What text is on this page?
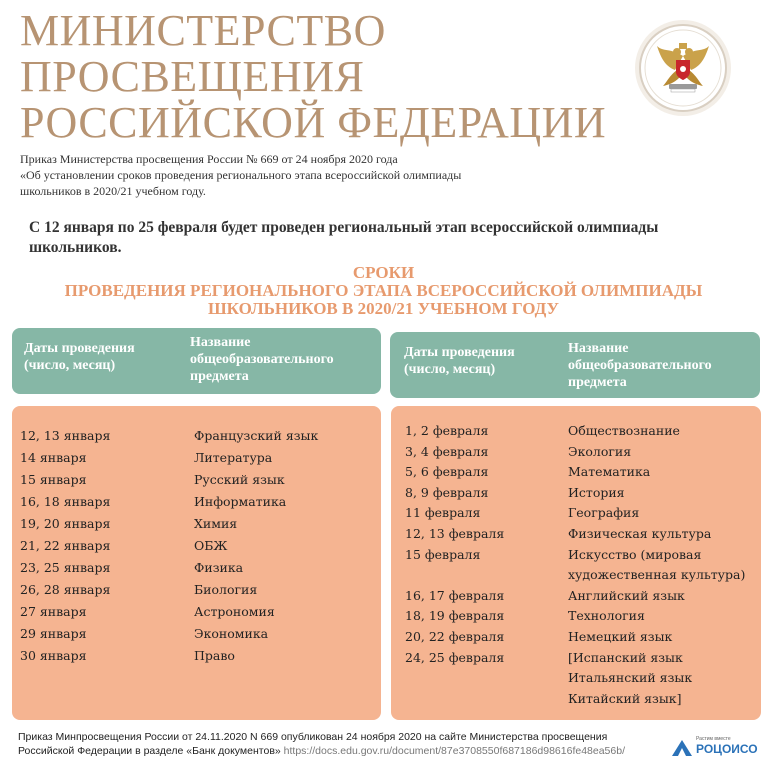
МИНИСТЕРСТВО
ПРОСВЕЩЕНИЯ
РОССИЙСКОЙ ФЕДЕРАЦИИ
Приказ Министерства просвещения России № 669 от 24 ноября 2020 года
«Об установлении сроков проведения регионального этапа всероссийской олимпиады
школьников в 2020/21 учебном году.
С 12 января по 25 февраля будет проведен региональный этап всероссийской олимпиады школьников.
СРОКИ
ПРОВЕДЕНИЯ РЕГИОНАЛЬНОГО ЭТАПА ВСЕРОССИЙСКОЙ ОЛИМПИАДЫ
ШКОЛЬНИКОВ В 2020/21 УЧЕБНОМ ГОДУ
Даты проведения
(число, месяц)
Название
общеобразовательного
предмета
Даты проведения
(число, месяц)
Название
общеобразовательного
предмета
12, 13 января	Французский язык
14 января	Литература
15 января	Русский язык
16, 18 января	Информатика
19, 20 января	Химия
21, 22 января	ОБЖ
23, 25 января	Физика
26, 28 января	Биология
27 января	Астрономия
29 января	Экономика
30 января	Право
1, 2 февраля	Обществознание
3, 4 февраля	Экология
5, 6 февраля	Математика
8, 9 февраля	История
11 февраля	География
12, 13 февраля	Физическая культура
15 февраля	Искусство (мировая
художественная культура)
16, 17 февраля	Английский язык
18, 19 февраля	Технология
20, 22 февраля	Немецкий язык
24, 25 февраля	[Испанский язык
Итальянский язык
Китайский язык]
Приказ Минпросвещения России от 24.11.2020 N 669 опубликован 24 ноября 2020 на сайте Министерства просвещения
Российской Федерации в разделе «Банк документов» https://docs.edu.gov.ru/document/87e3708550f687186d98616fe48ea56b/
Растим вместе
РОЦОИСО
